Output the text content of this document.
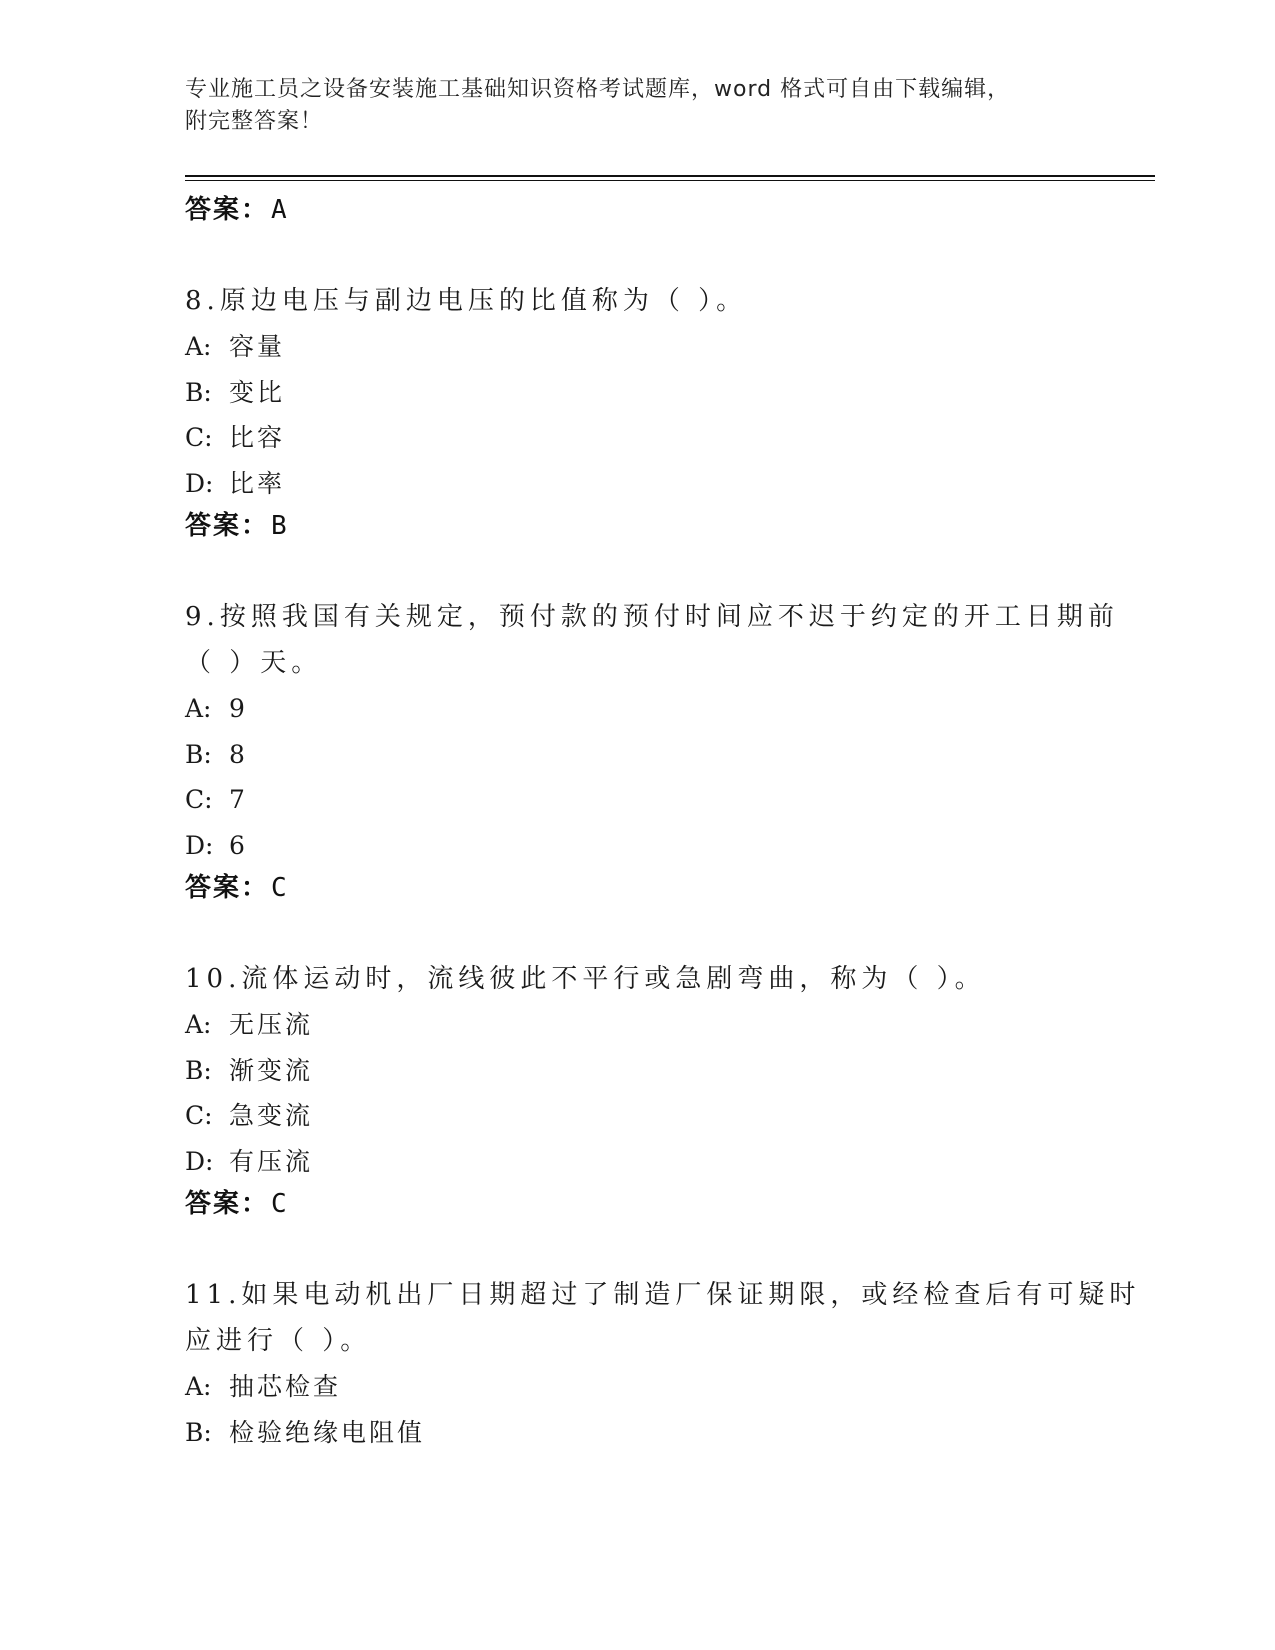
专业施工员之设备安装施工基础知识资格考试题库，word 格式可自由下载编辑，
附完整答案！
答案：A
8.原边电压与副边电压的比值称为（ ）。
A: 容量
B: 变比
C: 比容
D: 比率
答案：B
9.按照我国有关规定，预付款的预付时间应不迟于约定的开工日期前
（ ）天。
A: 9
B: 8
C: 7
D: 6
答案：C
10.流体运动时，流线彼此不平行或急剧弯曲，称为（ ）。
A: 无压流
B: 渐变流
C: 急变流
D: 有压流
答案：C
11.如果电动机出厂日期超过了制造厂保证期限，或经检查后有可疑时
应进行（ ）。
A: 抽芯检查
B: 检验绝缘电阻值
